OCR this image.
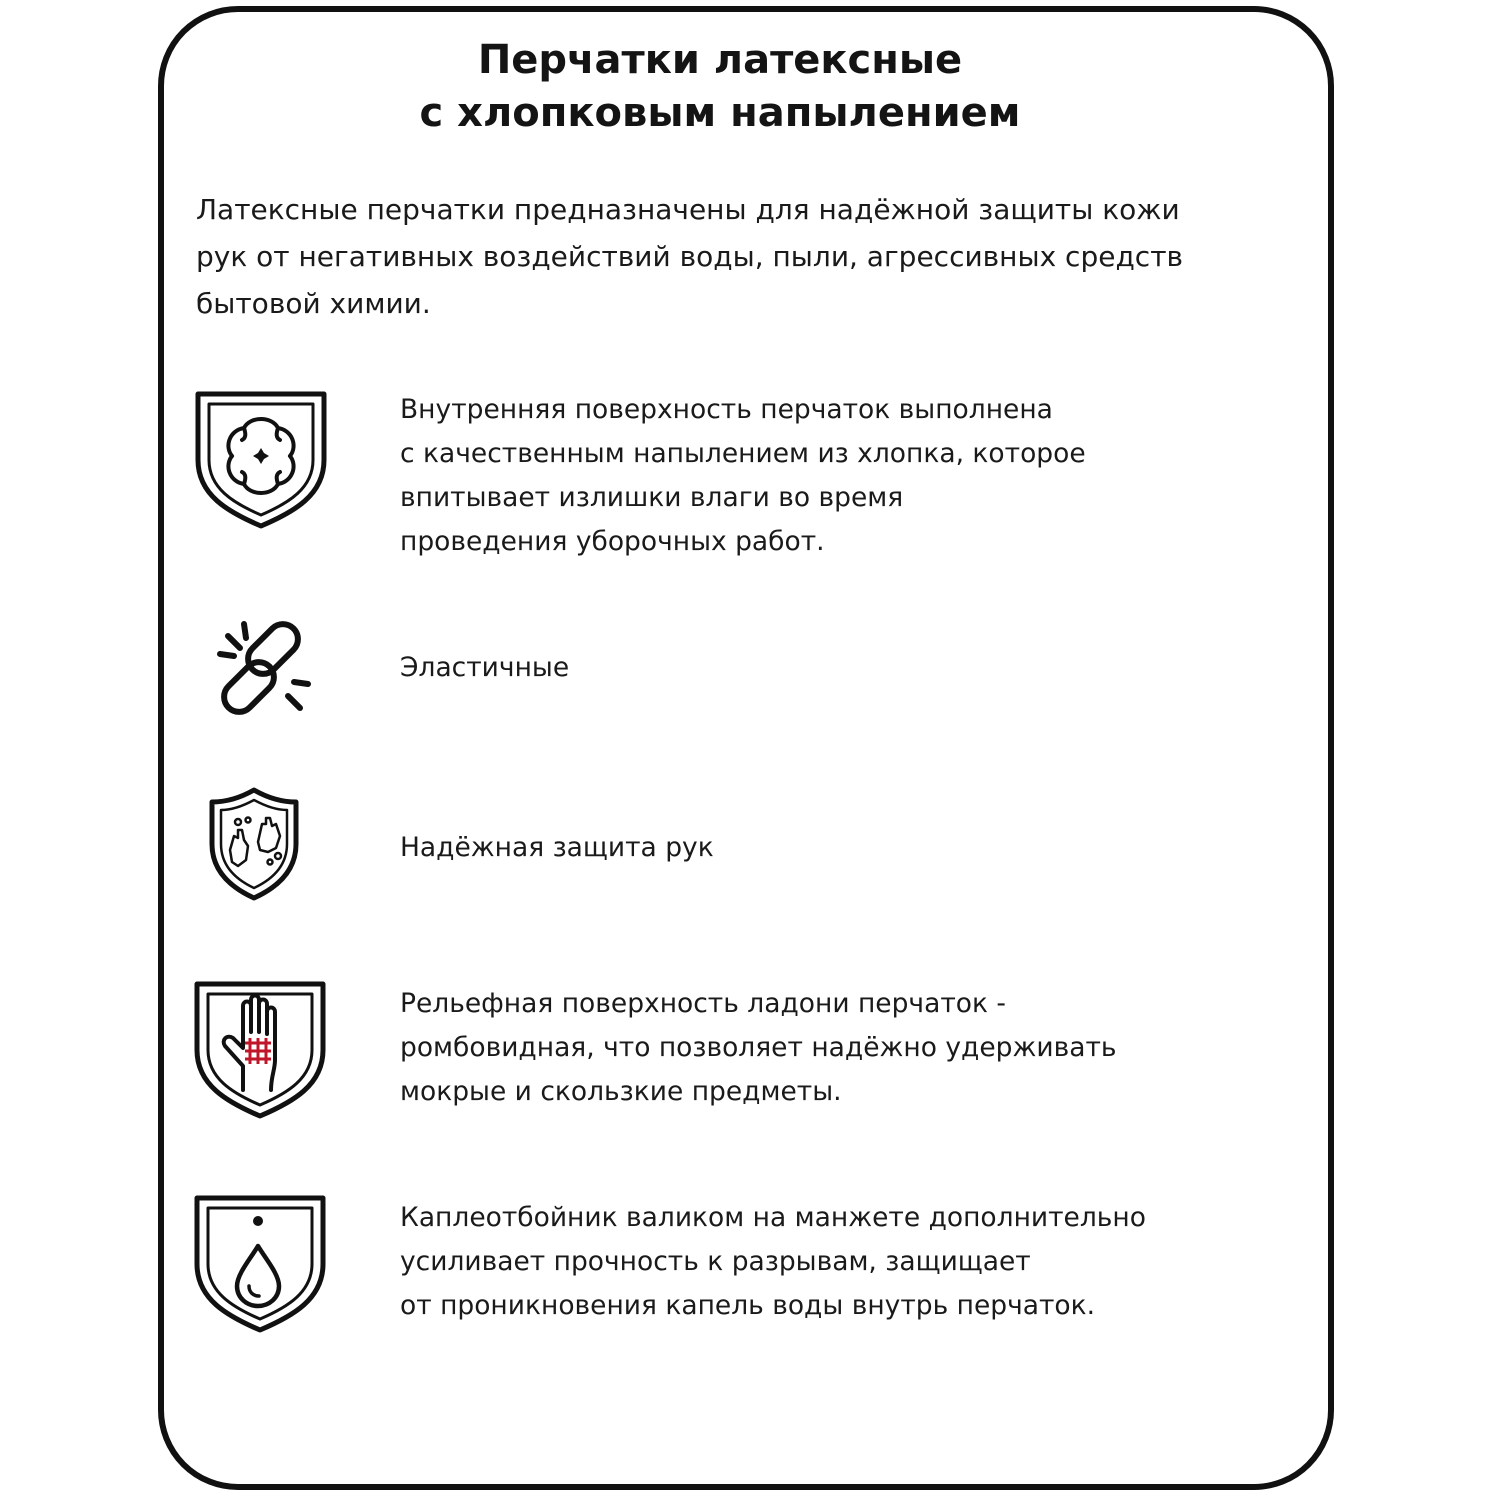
Перчатки латексные
с хлопковым напылением

Латексные перчатки предназначены для надёжной защиты кожи
рук от негативных воздействий воды, пыли, агрессивных средств
бытовой химии.

Внутренняя поверхность перчаток выполнена
с качественным напылением из хлопка, которое
впитывает излишки влаги во время
проведения уборочных работ.

Эластичные

Надёжная защита рук

Рельефная поверхность ладони перчаток -
ромбовидная, что позволяет надёжно удерживать
мокрые и скользкие предметы.

Каплеотбойник валиком на манжете дополнительно
усиливает прочность к разрывам, защищает
от проникновения капель воды внутрь перчаток.
